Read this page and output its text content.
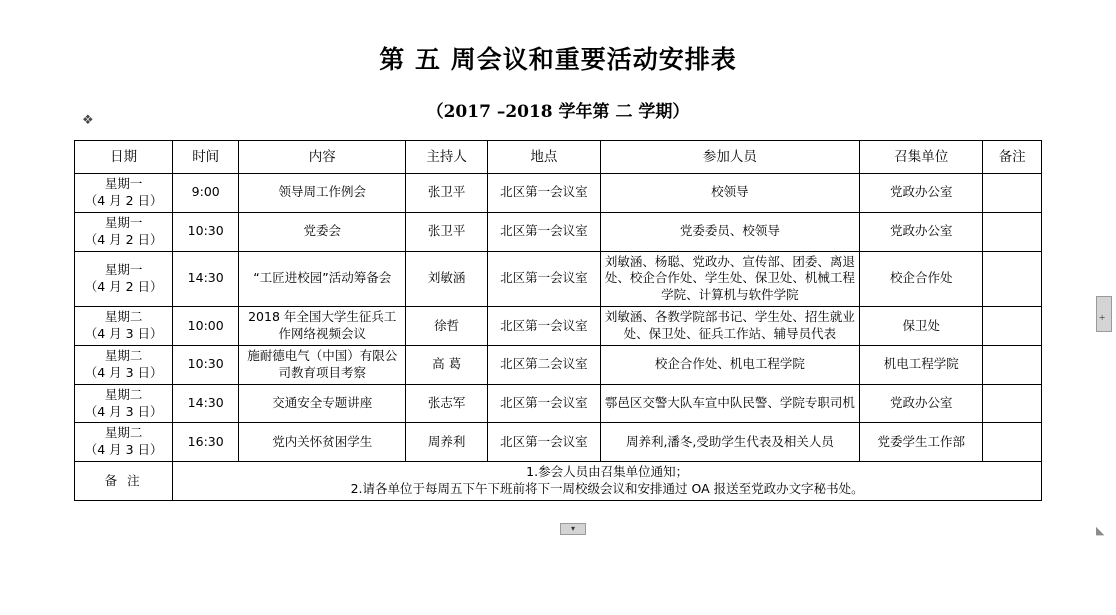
❖
第 五 周会议和重要活动安排表
（2017 –2018 学年第 二 学期）
日期	时间	内容	主持人	地点	参加人员	召集单位	备注

星期一
（4 月 2 日）	9:00	领导周工作例会	张卫平	北区第一会议室	校领导	党政办公室	

星期一
（4 月 2 日）	10:30	党委会	张卫平	北区第一会议室	党委委员、校领导	党政办公室	

星期一
（4 月 2 日）	14:30	“工匠进校园”活动筹备会	刘敏涵	北区第一会议室	刘敏涵、杨聪、党政办、宣传部、团委、离退处、校企合作处、学生处、保卫处、机械工程学院、计算机与软件学院	校企合作处	

星期二
（4 月 3 日）	10:00	2018 年全国大学生征兵工作网络视频会议	徐哲	北区第一会议室	刘敏涵、各教学院部书记、学生处、招生就业处、保卫处、征兵工作站、辅导员代表	保卫处	

星期二
（4 月 3 日）	10:30	施耐德电气（中国）有限公司教育项目考察	高 葛	北区第二会议室	校企合作处、机电工程学院	机电工程学院	

星期二
（4 月 3 日）	14:30	交通安全专题讲座	张志军	北区第一会议室	鄠邑区交警大队车宣中队民警、学院专职司机	党政办公室	

星期二
（4 月 3 日）	16:30	党内关怀贫困学生	周养利	北区第一会议室	周养利,潘冬,受助学生代表及相关人员	党委学生工作部	
备 注	1.参会人员由召集单位通知；
2.请各单位于每周五下午下班前将下一周校级会议和安排通过 OA 报送至党政办文字秘书处。						
+
▾	◣
